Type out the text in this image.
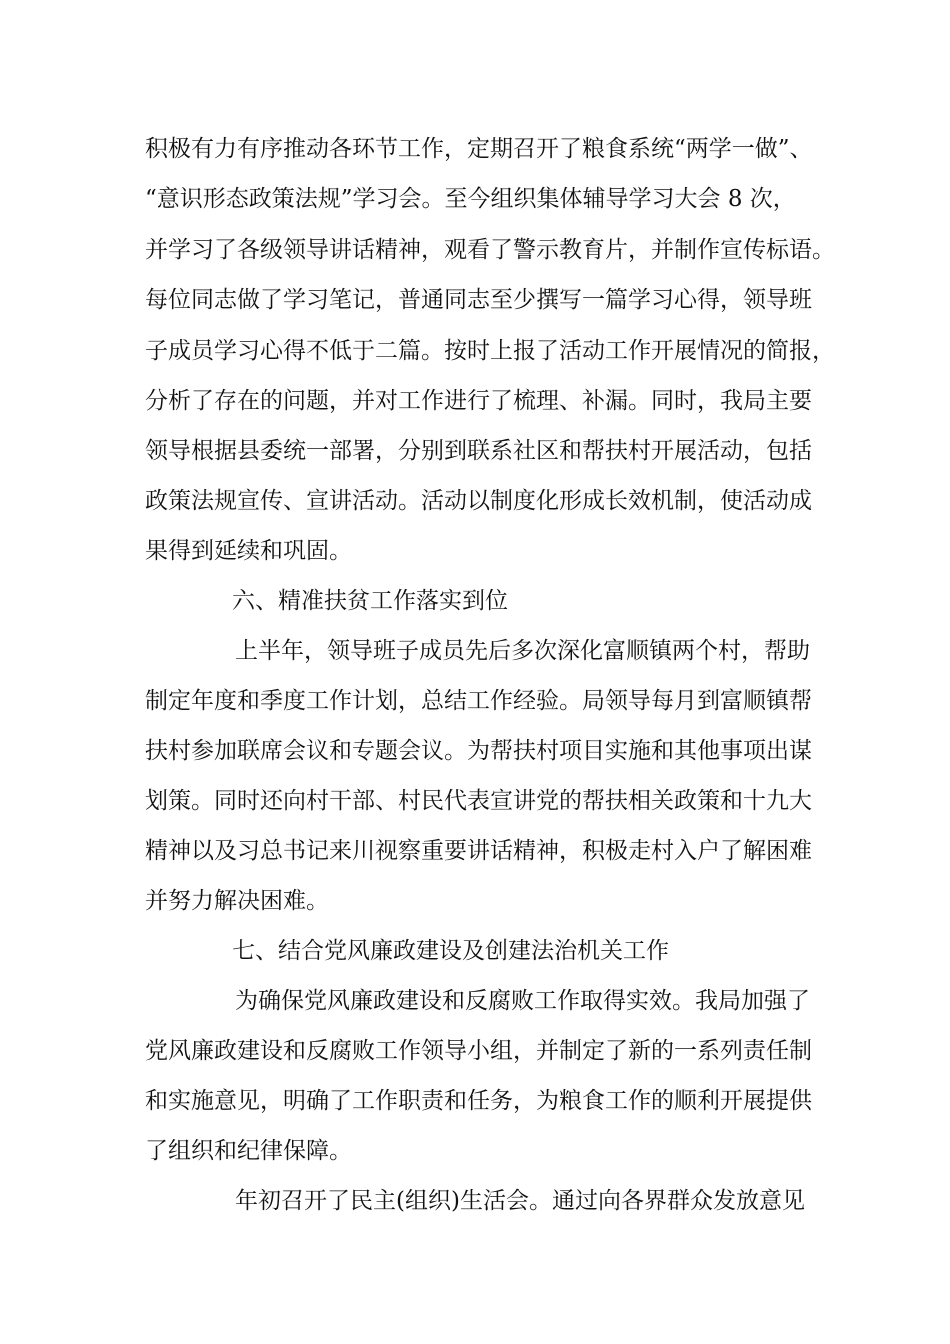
积极有力有序推动各环节工作，定期召开了粮食系统“两学一做”、
“意识形态政策法规”学习会。至今组织集体辅导学习大会 8 次，
并学习了各级领导讲话精神，观看了警示教育片，并制作宣传标语。
每位同志做了学习笔记，普通同志至少撰写一篇学习心得，领导班
子成员学习心得不低于二篇。按时上报了活动工作开展情况的简报，
分析了存在的问题，并对工作进行了梳理、补漏。同时，我局主要
领导根据县委统一部署，分别到联系社区和帮扶村开展活动，包括
政策法规宣传、宣讲活动。活动以制度化形成长效机制，使活动成
果得到延续和巩固。
六、精准扶贫工作落实到位
上半年，领导班子成员先后多次深化富顺镇两个村，帮助
制定年度和季度工作计划，总结工作经验。局领导每月到富顺镇帮
扶村参加联席会议和专题会议。为帮扶村项目实施和其他事项出谋
划策。同时还向村干部、村民代表宣讲党的帮扶相关政策和十九大
精神以及习总书记来川视察重要讲话精神，积极走村入户了解困难
并努力解决困难。
七、结合党风廉政建设及创建法治机关工作
为确保党风廉政建设和反腐败工作取得实效。我局加强了
党风廉政建设和反腐败工作领导小组，并制定了新的一系列责任制
和实施意见，明确了工作职责和任务，为粮食工作的顺利开展提供
了组织和纪律保障。
年初召开了民主(组织)生活会。通过向各界群众发放意见
